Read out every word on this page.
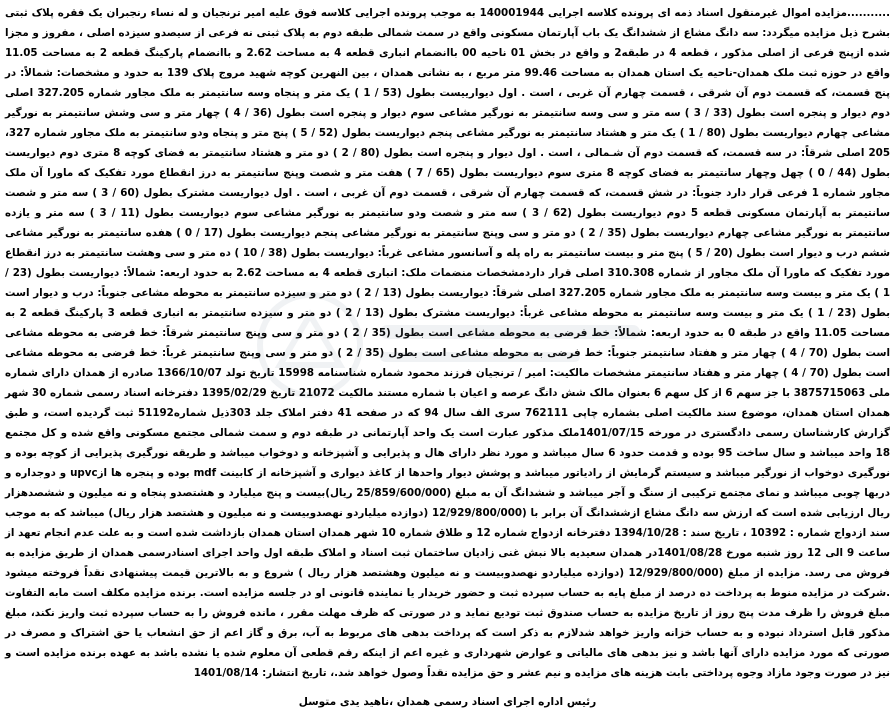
...........مزایده اموال غیرمنقول اسناد ذمه ای پرونده کلاسه اجرایی 140001944 به موجب پرونده اجرایی کلاسه فوق علیه امیر ترنجیان و له نساء رنجبران یک فقره پلاک ثبتی بشرح ذیل مزایده میگردد: سه دانگ مشاع از ششدانگ یک باب آپارتمان مسکونی واقع در سمت شمالی طبقه دوم به پلاک ثبتی نه فرعی از سیصدو سیزده اصلی ، مفروز و مجزا شده ازپنج فرعی از اصلی مذکور ، قطعه 4 در طبقه2 و واقع در بخش 01 ناحیه 00 باانضمام انباری قطعه 4 به مساحت 2.62 و باانضمام پارکینگ قطعه 2 به مساحت 11.05 واقع در حوزه ثبت ملک همدان-ناحیه یک استان همدان به مساحت 99.46 متر مربع ، به نشانی همدان ، بین النهرین کوچه شهید مروج پلاک 139 به حدود و مشخصات: شمالاً: در پنج قسمت، که قسمت دوم آن شرقی ، قسمت چهارم آن غربی ، است . اول دیوارییست بطول (53 / 1 ) یک متر و پنجاه وسه سانتیمتر به ملک مجاور شماره 327.205 اصلی دوم دیوار و پنجره است بطول (33 / 3 ) سه متر و سی وسه سانتیمتر به نورگیر مشاعی سوم دیوار و پنجره است بطول (36 / 4 ) چهار متر و سی وشش سانتیمتر به نورگیر مشاعی چهارم دیواریست بطول (80 / 1 ) یک متر و هشتاد سانتیمتر به نورگیر مشاعی پنجم دیواریست بطول (52 / 5 ) پنج متر و پنجاه ودو سانتیمتر به ملک مجاور شماره 327، 205 اصلی شرقاً: در سه قسمت، که قسمت دوم آن شـمالی ، است . اول دیوار و پنجره است بطول (80 / 2 ) دو متر و هشتاد سانتیمتر به فضای کوچه 8 متری دوم دیواریست بطول (44 / 0 ) چهل وچهار سانتیمتر به فضای کوچه 8 متری سوم دیواریست بطول (65 / 7 ) هفت متر و شصت وپنج سانتیمتر به درز انقطاع مورد تفکیک که ماورا آن ملک مجاور شماره 1 فرعی قرار دارد جنوباً: در شش قسمت، که قسمت چهارم آن شرقی ، قسمت دوم آن غربی ، است . اول دیواریست مشترک بطول (60 / 3 ) سه متر و شصت سانتیمتر به آپارتمان مسکونی قطعه 5 دوم دیواریست بطول (62 / 3 ) سه متر و شصت ودو سانتیمتر به نورگیر مشاعی سوم دیواریست بطول (11 / 3 ) سه متر و یازده سانتیمتر به نورگیر مشاعی چهارم دیواریست بطول (35 / 2 ) دو متر و سی وپنج سانتیمتر به نورگیر مشاعی پنجم دیواریست بطول (17 / 0 ) هفده سانتیمتر به نورگیر مشاعی ششم درب و دیوار است بطول (20 / 5 ) پنج متر و بیست سانتیمتر به راه پله و آسانسور مشاعی غرباً: دیواریست بطول (38 / 10 ) ده متر و سی وهشت سانتیمتر به درز انقطاع مورد تفکیک که ماورا آن ملک مجاور از شماره 310.308 اصلی قرار داردمشخصات منضمات ملک: انباری قطعه 4 به مساحت 2.62 به حدود اربعه: شمالاً: دیواریست بطول (23 / 1 ) یک متر و بیست وسه سانتیمتر به ملک مجاور شماره 327.205 اصلی شرقاً: دیواریست بطول (13 / 2 ) دو متر و سیزده سانتیمتر به محوطه مشاعی جنوباً: درب و دیوار است بطول (23 / 1 ) یک متر و بیست وسه سانتیمتر به محوطه مشاعی غرباً: دیواریست مشترک بطول (13 / 2 ) دو متر و سیزده سانتیمتر به انباری قطعه 3 پارکینگ قطعه 2 به مساحت 11.05 واقع در طبقه 0 به حدود اربعه: شمالاً: خط فرضی به محوطه مشاعی است بطول (35 / 2 ) دو متر و سی وپنج سانتیمتر شرقاً: خط فرضی به محوطه مشاعی است بطول (70 / 4 ) چهار متر و هفتاد سانتیمتر جنوباً: خط فرضی به محوطه مشاعی است بطول (35 / 2 ) دو متر و سی وپنج سانتیمتر غرباً: خط فرضی به محوطه مشاعی است بطول (70 / 4 ) چهار متر و هفتاد سانتیمتر مشخصات مالکیت: امیر / ترنجیان فرزند محمود شماره شناسنامه 15998 تاریخ تولد 1366/10/07 صادره از همدان دارای شماره ملی 3875715063 با جز سهم 6 از کل سهم 6 بعنوان مالک شش دانگ عرصه و اعیان با شماره مستند مالکیت 21072 تاریخ 1395/02/29 دفترخانه اسناد رسمی شماره 30 شهر همدان استان همدان، موضوع سند مالکیت اصلی بشماره چاپی 762111 سری الف سال 94 که در صفحه 41 دفتر املاک جلد 303ذیل شماره51192 ثبت گردیده است، و طبق گزارش کارشناسان رسمی دادگستری در مورخه 1401/07/15ملک مذکور عبارت است یک واحد آپارتمانی در طبقه دوم و سمت شمالی مجتمع مسکونی واقع شده و کل مجتمع 18 واحد میباشد و سال ساخت 95 بوده و قدمت حدود 6 سال میباشد و مورد نظر دارای هال و پذیرایی و آشپزخانه و دوخواب میباشد و طریقه نورگیری پذیرایی از کوچه بوده و نورگیری دوخواب از نورگیر میباشد و سیستم گرمایش از رادیاتور میباشد و پوشش دیوار واحدها از کاغذ دیواری و آشپزخانه از کابینت mdf بوده و پنجره ها ازupvc و دوجداره و دربها چوبی میباشد و نمای مجتمع ترکیبی از سنگ و آجر میباشد و ششدانگ آن به مبلغ (25/859/600/000 ریال)بیست و پنج میلیارد و هشتصدو پنجاه و نه میلیون و ششصدهزار ریال ارزیابی شده است که ارزش سه دانگ مشاع ازششدانگ آن برابر با (12/929/800/000 (دوازده میلیاردو نهصدوبیست و نه میلیون و هشتصد هزار ریال) میباشد که به موجب سند ازدواج شماره : 10392 ، تاریخ سند : 1394/10/28 دفترخانه ازدواج شماره 12 و طلاق شماره 10 شهر همدان استان همدان بازداشت شده است و به علت عدم انجام تعهد از ساعت 9 الی 12 روز شنبه مورخ 1401/08/28در همدان سعیدیه بالا نبش غنی زادیان ساختمان ثبت اسناد و املاک طبقه اول واحد اجرای اسنادرسمی همدان از طریق مزایده به فروش می رسد. مزایده از مبلغ (12/929/800/000 (دوازده میلیاردو نهصدوبیست و نه میلیون وهشتصد هزار ریال ) شروع و به بالاترین قیمت پیشنهادی نقداً فروخته میشود .شرکت در مزایده منوط به پرداخت ده درصد از مبلغ پایه به حساب سپرده ثبت و حضور خریدار یا نماینده قانونی او در جلسه مزایده است. برنده مزایده مکلف است مابه التفاوت مبلغ فروش را ظرف مدت پنج روز از تاریخ مزایده به حساب صندوق ثبت تودیع نماید و در صورتی که ظرف مهلت مقرر ، مانده فروش را به حساب سپرده ثبت واریز نکند، مبلغ مذکور قابل استرداد نبوده و به حساب خزانه واریز خواهد شدلازم به ذکر است که پرداخت بدهی های مربوط به آب، برق و گاز اعم از حق انشعاب یا حق اشتراک و مصرف در صورتی که مورد مزایده دارای آنها باشد و نیز بدهی های مالیاتی و عوارض شهرداری و غیره اعم از اینکه رقم قطعی آن معلوم شده یا نشده باشد به عهده برنده مزایده است و نیز در صورت وجود مازاد وجوه پرداختی بابت هزینه های مزایده و نیم عشر و حق مزایده نقداً وصول خواهد شد.، تاریخ انتشار: 1401/08/14

رئیس اداره اجرای اسناد رسمی همدان ،ناهید یدی متوسل
